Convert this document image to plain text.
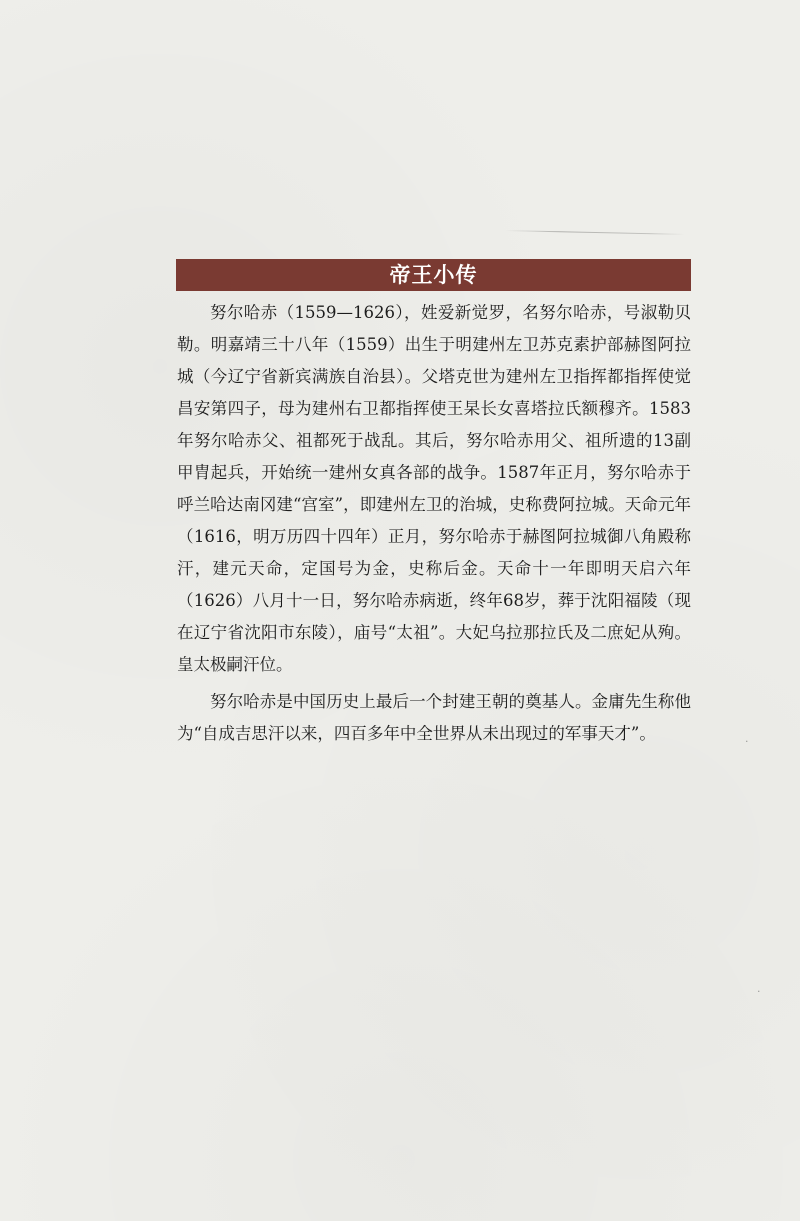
帝王小传

努尔哈赤（1559—1626），姓爱新觉罗，名努尔哈赤，号淑勒贝勒。明嘉靖三十八年（1559）出生于明建州左卫苏克素护部赫图阿拉城（今辽宁省新宾满族自治县）。父塔克世为建州左卫指挥都指挥使觉昌安第四子，母为建州右卫都指挥使王杲长女喜塔拉氏额穆齐。1583年努尔哈赤父、祖都死于战乱。其后，努尔哈赤用父、祖所遗的13副甲胄起兵，开始统一建州女真各部的战争。1587年正月，努尔哈赤于呼兰哈达南冈建“宫室”，即建州左卫的治城，史称费阿拉城。天命元年（1616，明万历四十四年）正月，努尔哈赤于赫图阿拉城御八角殿称汗，建元天命，定国号为金，史称后金。天命十一年即明天启六年（1626）八月十一日，努尔哈赤病逝，终年68岁，葬于沈阳福陵（现在辽宁省沈阳市东陵），庙号“太祖”。大妃乌拉那拉氏及二庶妃从殉。皇太极嗣汗位。

努尔哈赤是中国历史上最后一个封建王朝的奠基人。金庸先生称他为“自成吉思汗以来，四百多年中全世界从未出现过的军事天才”。	·
·
